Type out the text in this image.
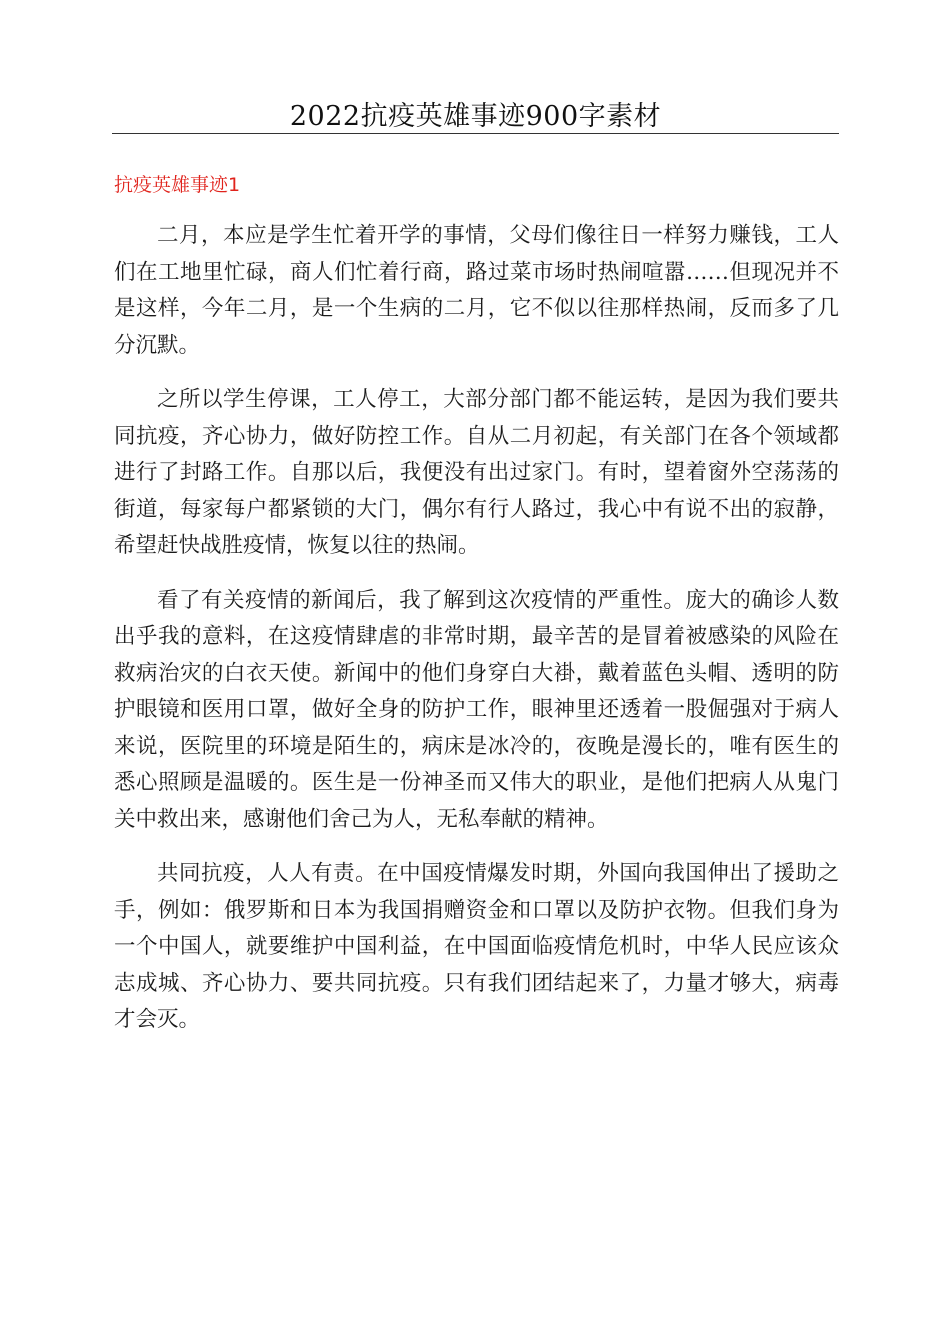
2022抗疫英雄事迹900字素材
抗疫英雄事迹1

二月，本应是学生忙着开学的事情，父母们像往日一样努力赚钱，工人们在工地里忙碌，商人们忙着行商，路过菜市场时热闹喧嚣……但现况并不是这样，今年二月，是一个生病的二月，它不似以往那样热闹，反而多了几分沉默。

之所以学生停课，工人停工，大部分部门都不能运转，是因为我们要共同抗疫，齐心协力，做好防控工作。自从二月初起，有关部门在各个领域都进行了封路工作。自那以后，我便没有出过家门。有时，望着窗外空荡荡的街道，每家每户都紧锁的大门，偶尔有行人路过，我心中有说不出的寂静，希望赶快战胜疫情，恢复以往的热闹。

看了有关疫情的新闻后，我了解到这次疫情的严重性。庞大的确诊人数出乎我的意料，在这疫情肆虐的非常时期，最辛苦的是冒着被感染的风险在救病治灾的白衣天使。新闻中的他们身穿白大褂，戴着蓝色头帽、透明的防护眼镜和医用口罩，做好全身的防护工作，眼神里还透着一股倔强对于病人来说，医院里的环境是陌生的，病床是冰冷的，夜晚是漫长的，唯有医生的悉心照顾是温暖的。医生是一份神圣而又伟大的职业，是他们把病人从鬼门关中救出来，感谢他们舍己为人，无私奉献的精神。

共同抗疫，人人有责。在中国疫情爆发时期，外国向我国伸出了援助之手，例如：俄罗斯和日本为我国捐赠资金和口罩以及防护衣物。但我们身为一个中国人，就要维护中国利益，在中国面临疫情危机时，中华人民应该众志成城、齐心协力、要共同抗疫。只有我们团结起来了，力量才够大，病毒才会灭。
